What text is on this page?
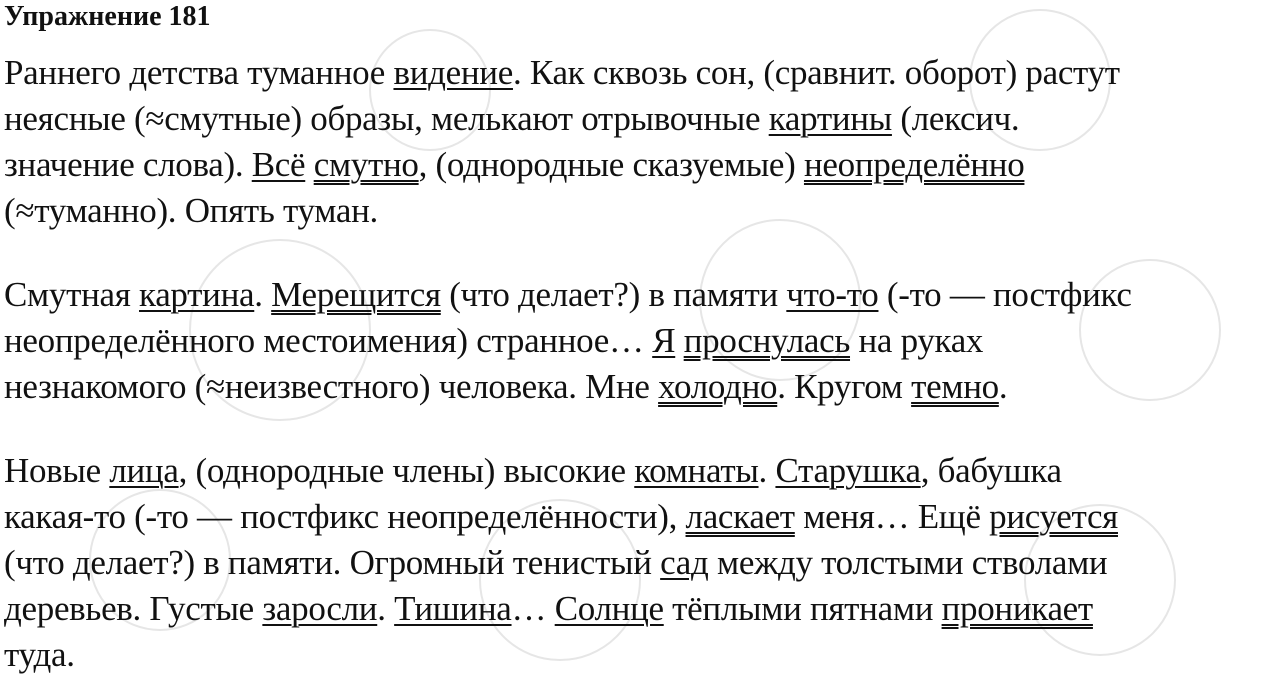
Упражнение 181

Раннего детства туманное видение. Как сквозь сон, (сравнит. оборот) растут
неясные (≈смутные) образы, мелькают отрывочные картины (лексич.
значение слова). Всё смутно, (однородные сказуемые) неопределённо
(≈туманно). Опять туман.

Смутная картина. Мерещится (что делает?) в памяти что-то (-то — постфикс
неопределённого местоимения) странное… Я проснулась на руках
незнакомого (≈неизвестного) человека. Мне холодно. Кругом темно.

Новые лица, (однородные члены) высокие комнаты. Старушка, бабушка
какая-то (-то — постфикс неопределённости), ласкает меня… Ещё рисуется
(что делает?) в памяти. Огромный тенистый сад между толстыми стволами
деревьев. Густые заросли. Тишина… Солнце тёплыми пятнами проникает
туда.
